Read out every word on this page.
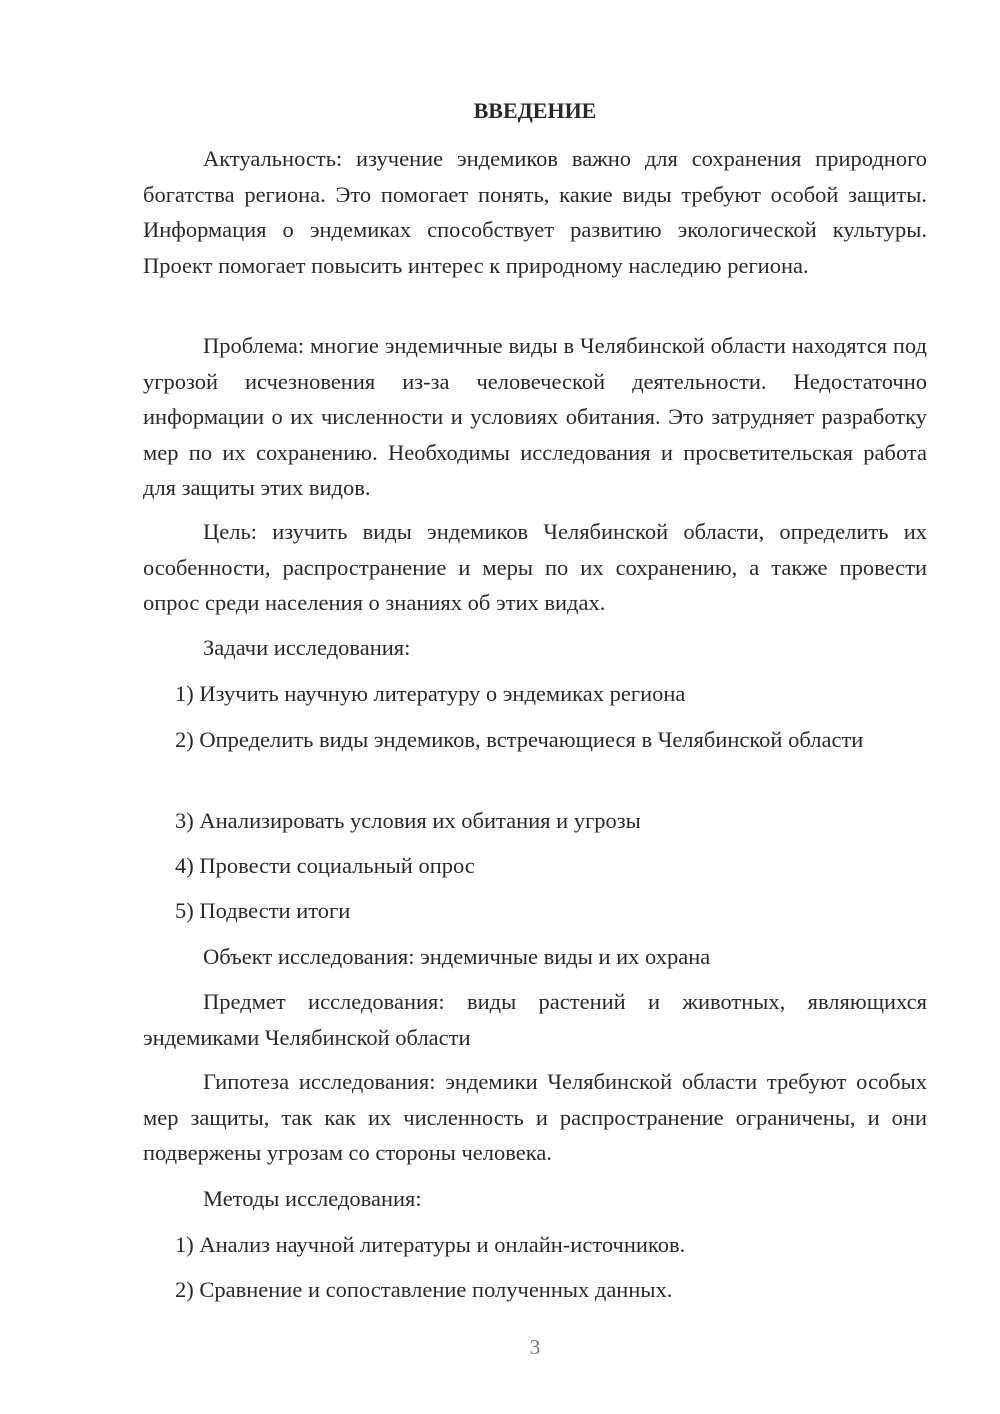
ВВЕДЕНИЕ

Актуальность: изучение эндемиков важно для сохранения природного богатства региона. Это помогает понять, какие виды требуют особой защиты. Информация о эндемиках способствует развитию экологической культуры. Проект помогает повысить интерес к природному наследию региона.

Проблема: многие эндемичные виды в Челябинской области находятся под угрозой исчезновения из-за человеческой деятельности. Недостаточно информации о их численности и условиях обитания. Это затрудняет разработку мер по их сохранению. Необходимы исследования и просветительская работа для защиты этих видов.

Цель: изучить виды эндемиков Челябинской области, определить их особенности, распространение и меры по их сохранению, а также провести опрос среди населения о знаниях об этих видах.

Задачи исследования:

1) Изучить научную литературу о эндемиках региона

2) Определить виды эндемиков, встречающиеся в Челябинской области

3) Анализировать условия их обитания и угрозы

4) Провести социальный опрос

5) Подвести итоги

Объект исследования: эндемичные виды и их охрана

Предмет исследования: виды растений и животных, являющихся эндемиками Челябинской области

Гипотеза исследования: эндемики Челябинской области требуют особых мер защиты, так как их численность и распространение ограничены, и они подвержены угрозам со стороны человека.

Методы исследования:

1) Анализ научной литературы и онлайн-источников.

2) Сравнение и сопоставление полученных данных.

3
